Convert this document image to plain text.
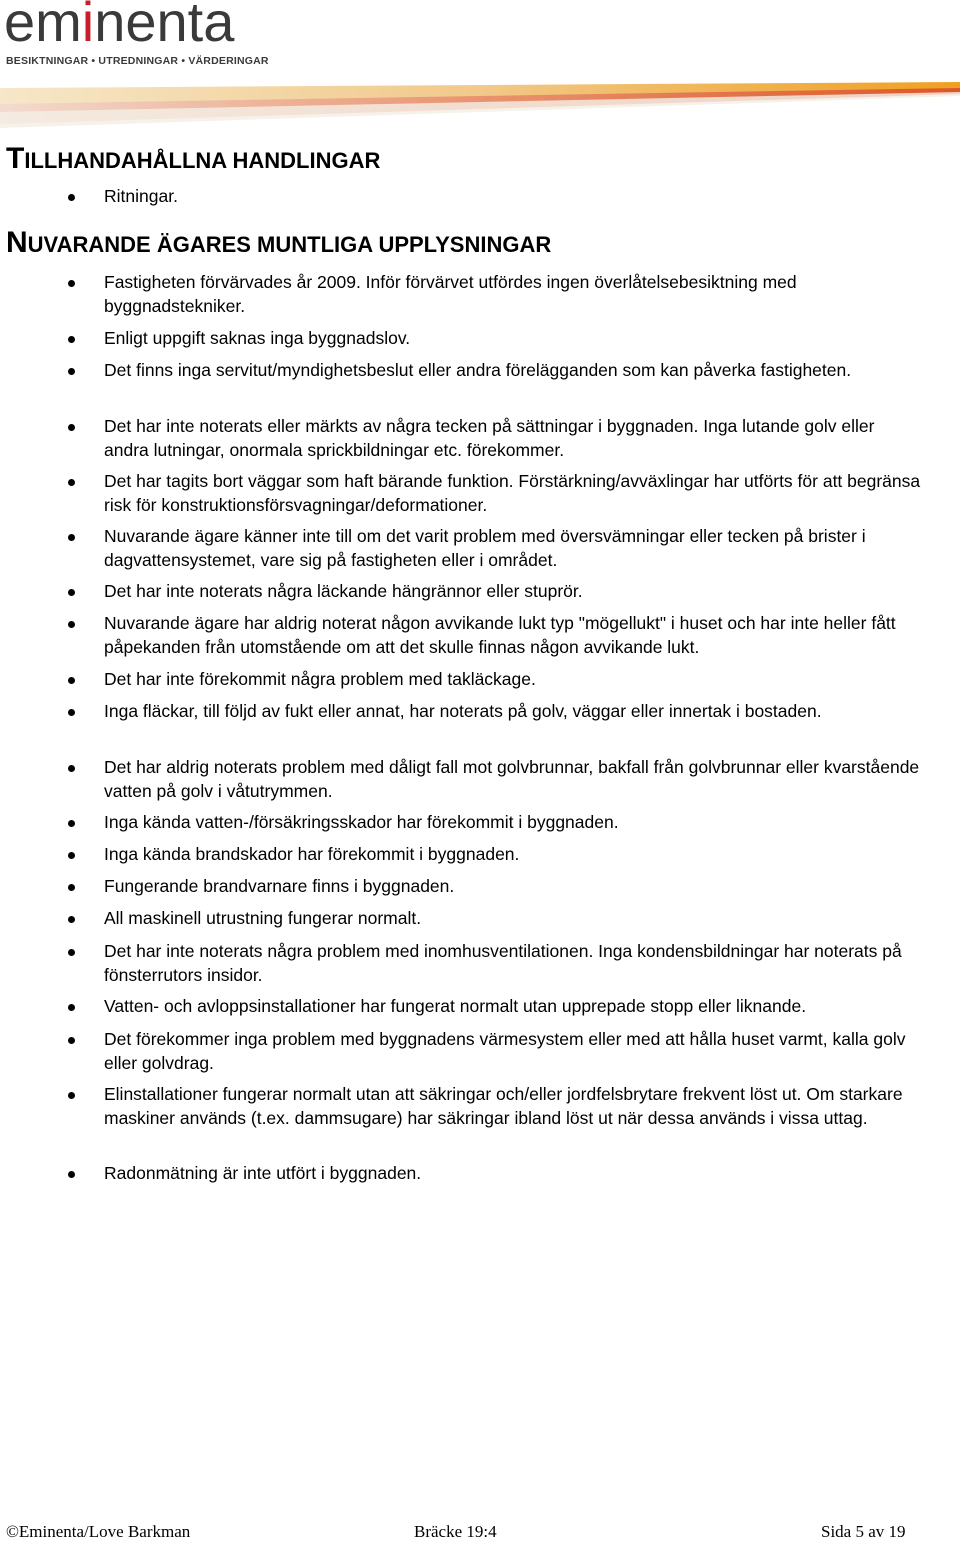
eminenta
BESIKTNINGAR • UTREDNINGAR • VÄRDERINGAR
TILLHANDAHÅLLNA HANDLINGAR
Ritningar.
NUVARANDE ÄGARES MUNTLIGA UPPLYSNINGAR
Fastigheten förvärvades år 2009. Inför förvärvet utfördes ingen överlåtelsebesiktning med byggnadstekniker.
Enligt uppgift saknas inga byggnadslov.
Det finns inga servitut/myndighetsbeslut eller andra förelägganden som kan påverka fastigheten.
Det har inte noterats eller märkts av några tecken på sättningar i byggnaden. Inga lutande golv eller andra lutningar, onormala sprickbildningar etc. förekommer.
Det har tagits bort väggar som haft bärande funktion. Förstärkning/avväxlingar har utförts för att begränsa risk för konstruktionsförsvagningar/deformationer.
Nuvarande ägare känner inte till om det varit problem med översvämningar eller tecken på brister i dagvattensystemet, vare sig på fastigheten eller i området.
Det har inte noterats några läckande hängrännor eller stuprör.
Nuvarande ägare har aldrig noterat någon avvikande lukt typ "mögellukt" i huset och har inte heller fått påpekanden från utomstående om att det skulle finnas någon avvikande lukt.
Det har inte förekommit några problem med takläckage.
Inga fläckar, till följd av fukt eller annat, har noterats på golv, väggar eller innertak i bostaden.
Det har aldrig noterats problem med dåligt fall mot golvbrunnar, bakfall från golvbrunnar eller kvarstående vatten på golv i våtutrymmen.
Inga kända vatten-/försäkringsskador har förekommit i byggnaden.
Inga kända brandskador har förekommit i byggnaden.
Fungerande brandvarnare finns i byggnaden.
All maskinell utrustning fungerar normalt.
Det har inte noterats några problem med inomhusventilationen. Inga kondensbildningar har noterats på fönsterrutors insidor.
Vatten- och avloppsinstallationer har fungerat normalt utan upprepade stopp eller liknande.
Det förekommer inga problem med byggnadens värmesystem eller med att hålla huset varmt, kalla golv eller golvdrag.
Elinstallationer fungerar normalt utan att säkringar och/eller jordfelsbrytare frekvent löst ut. Om starkare maskiner används (t.ex. dammsugare) har säkringar ibland löst ut när dessa används i vissa uttag.
Radonmätning är inte utfört i byggnaden.
©Eminenta/Love Barkman	Bräcke 19:4	Sida 5 av 19
